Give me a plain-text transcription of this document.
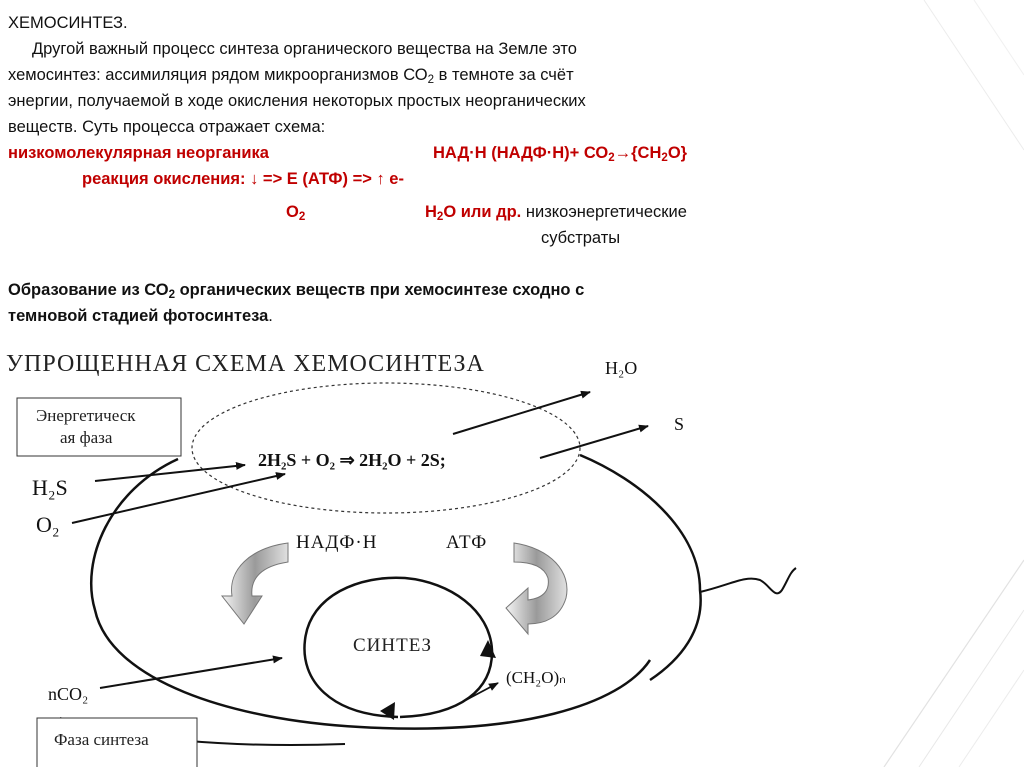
ХЕМОСИНТЕЗ.
Другой важный процесс синтеза органического вещества на Земле это
хемосинтез: ассимиляция рядом микроорганизмов $СО_2$ в темноте за счёт
энергии, получаемой в ходе окисления некоторых простых неорганических
веществ. Суть процесса отражает схема:
низкомолекулярная неорганика	НАД·Н (НАДФ·Н)+ $СО_2\to\{СН_2О\}$
реакция окисления: ↓ => Е (АТФ) => ↑ е-
$О_2$	$Н_2О$ или др. низкоэнергетические
субстраты
Образование из $СО_2$ органических веществ при хемосинтезе сходно с
темновой стадией фотосинтеза.
УПРОЩЕННАЯ СХЕМА ХЕМОСИНТЕЗА
Энергетическ
ая фаза
H₂S
O₂
2H₂S + O₂ ⇒ 2H₂O + 2S;
H₂O
S
НАДФ·Н	АТФ
СИНТЕЗ
nCO₂
(CH₂O)ₙ
Фаза синтеза
